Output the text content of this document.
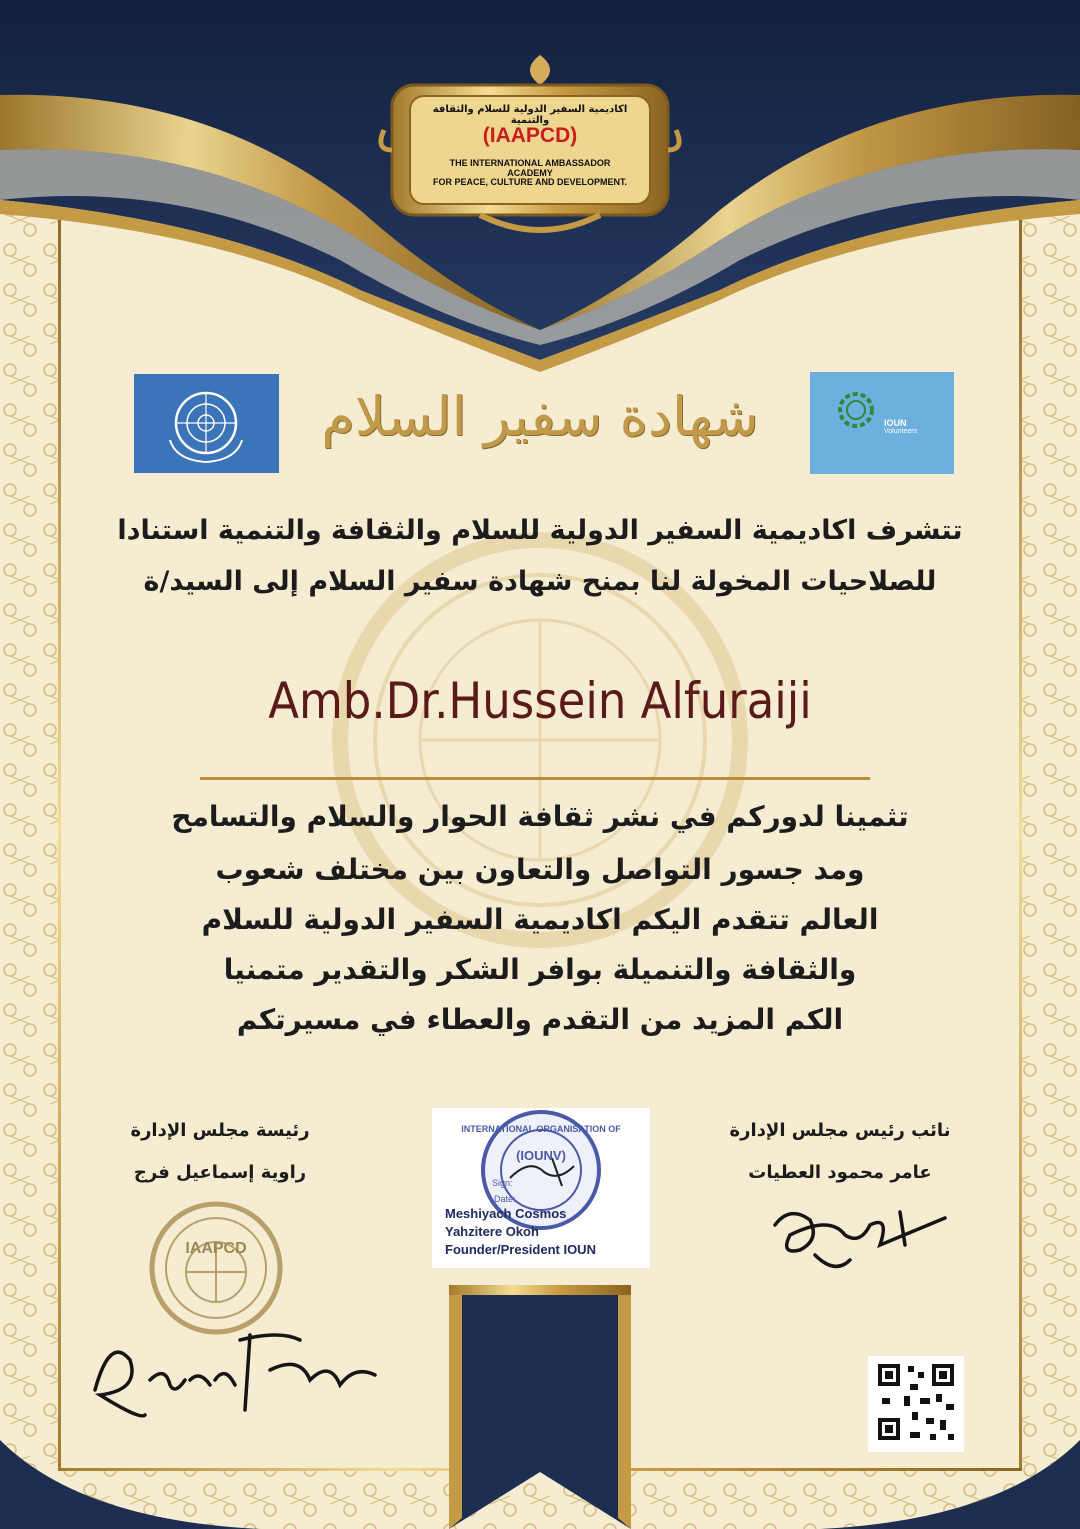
اكاديمية السفير الدولية للسلام والثقافة والتنمية
(IAAPCD)
THE INTERNATIONAL AMBASSADOR ACADEMY
FOR PEACE, CULTURE AND DEVELOPMENT.
IOUN
Volunteers
شهادة سفير السلام
تتشرف اكاديمية السفير الدولية للسلام والثقافة والتنمية استنادا
للصلاحيات المخولة لنا بمنح شهادة سفير السلام إلى السيد/ة
Amb.Dr.Hussein Alfuraiji
تثمينا لدوركم في نشر ثقافة الحوار والسلام والتسامح
ومد جسور التواصل والتعاون بين مختلف شعوب
العالم تتقدم اليكم اكاديمية السفير الدولية للسلام
والثقافة والتنميلة بوافر الشكر والتقدير متمنيا
الكم المزيد من التقدم والعطاء في مسيرتكم
نائب رئيس مجلس الإدارة
عامر محمود العطيات
رئيسة مجلس الإدارة
راوية إسماعيل فرج
INTERNATIONAL ORGANISATION OF
(IOUNV)
Sign:
Date:
Meshiyach Cosmos
Yahzitere Okoh
Founder/President IOUN
IAAPCD
